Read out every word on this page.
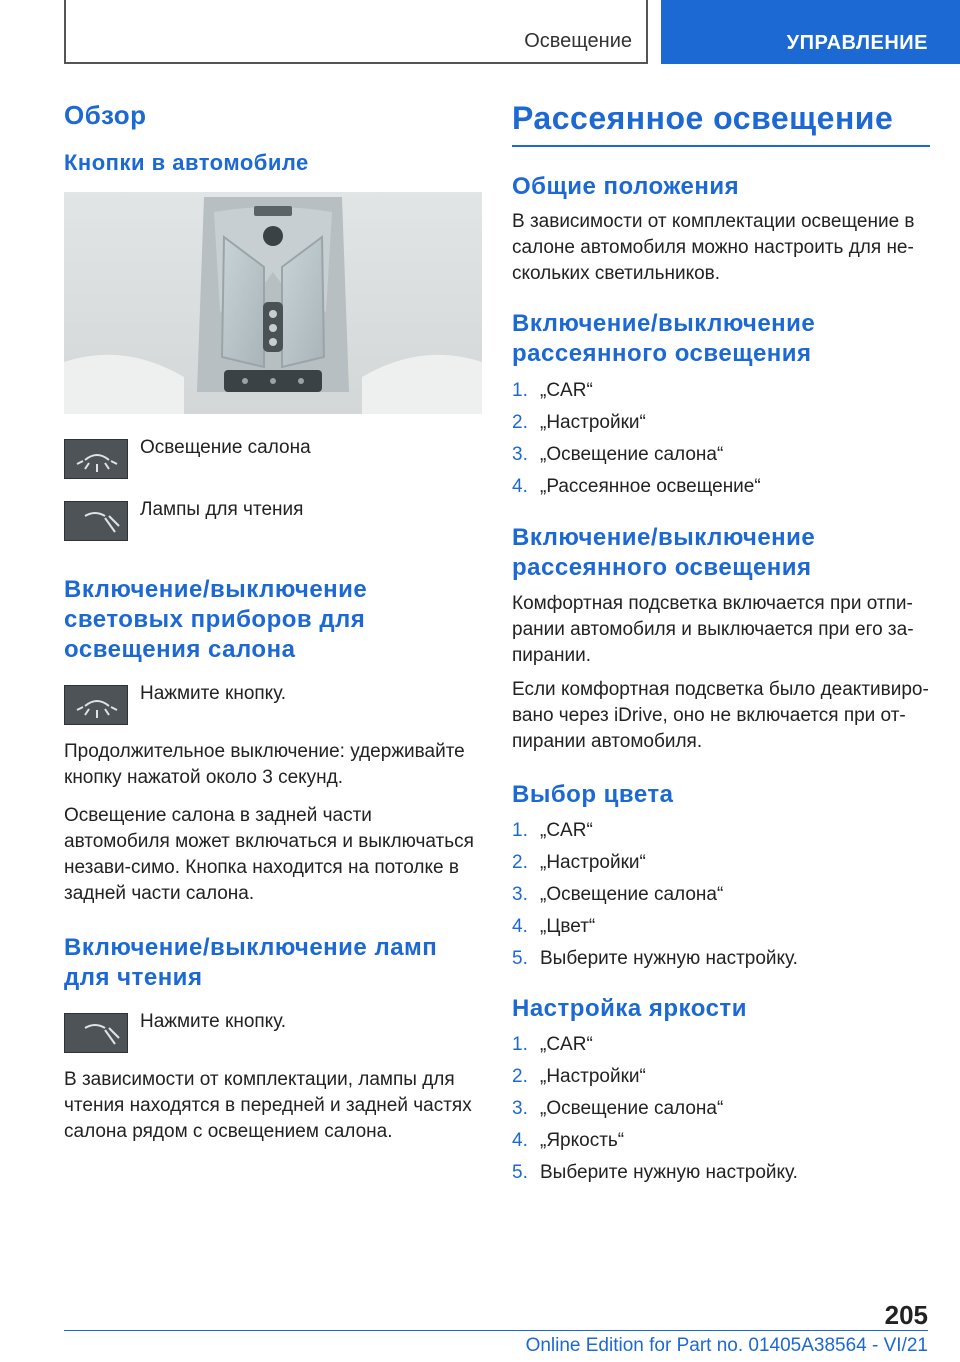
Освещение	УПРАВЛЕНИЕ
Обзор
Кнопки в автомобиле
Освещение салона
Лампы для чтения
Включение/выключение световых приборов для освещения салона
Нажмите кнопку.

Продолжительное выключение: удерживайте кнопку нажатой около 3 секунд.

Освещение салона в задней части автомобиля может включаться и выключаться незави-симо. Кнопка находится на потолке в задней части салона.

Включение/выключение ламп для чтения
Нажмите кнопку.

В зависимости от комплектации, лампы для чтения находятся в передней и задней частях салона рядом с освещением салона.

Рассеянное освещение
Общие положения

В зависимости от комплектации освещение в салоне автомобиля можно настроить для не-скольких светильников.

Включение/выключение рассеянного освещения
1. „CAR“
2. „Настройки“
3. „Освещение салона“
4. „Рассеянное освещение“
Включение/выключение рассеянного освещения

Комфортная подсветка включается при отпи-рании автомобиля и выключается при его за-пирании.

Если комфортная подсветка было деактивиро-вано через iDrive, оно не включается при от-пирании автомобиля.

Выбор цвета
1. „CAR“
2. „Настройки“
3. „Освещение салона“
4. „Цвет“
5. Выберите нужную настройку.
Настройка яркости
1. „CAR“
2. „Настройки“
3. „Освещение салона“
4. „Яркость“
5. Выберите нужную настройку.
205
Online Edition for Part no. 01405A38564 - VI/21
